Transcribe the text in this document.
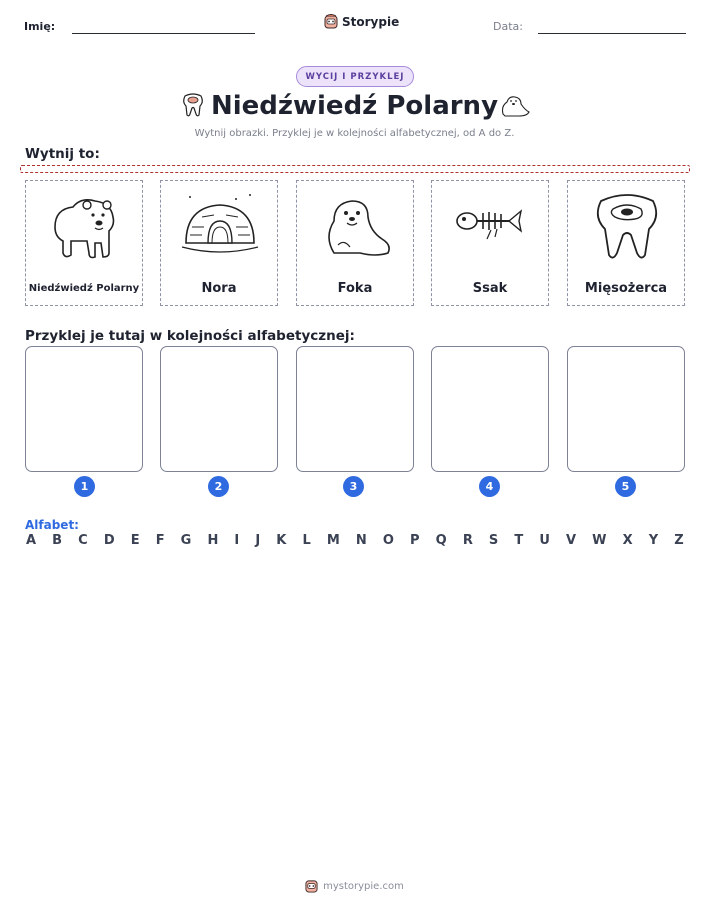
Imię:	Storypie	Data:
WYCIJ I PRZYKLEJ
Niedźwiedź Polarny
Wytnij obrazki. Przyklej je w kolejności alfabetycznej, od A do Z.
Wytnij to:
Niedźwiedź Polarny	Nora	Foka	Ssak	Mięsożerca
Przyklej je tutaj w kolejności alfabetycznej:
1	2	3	4	5
Alfabet:
A B C D E F G H I J K L M N O P Q R S T U V W X Y Z
mystorypie.com
